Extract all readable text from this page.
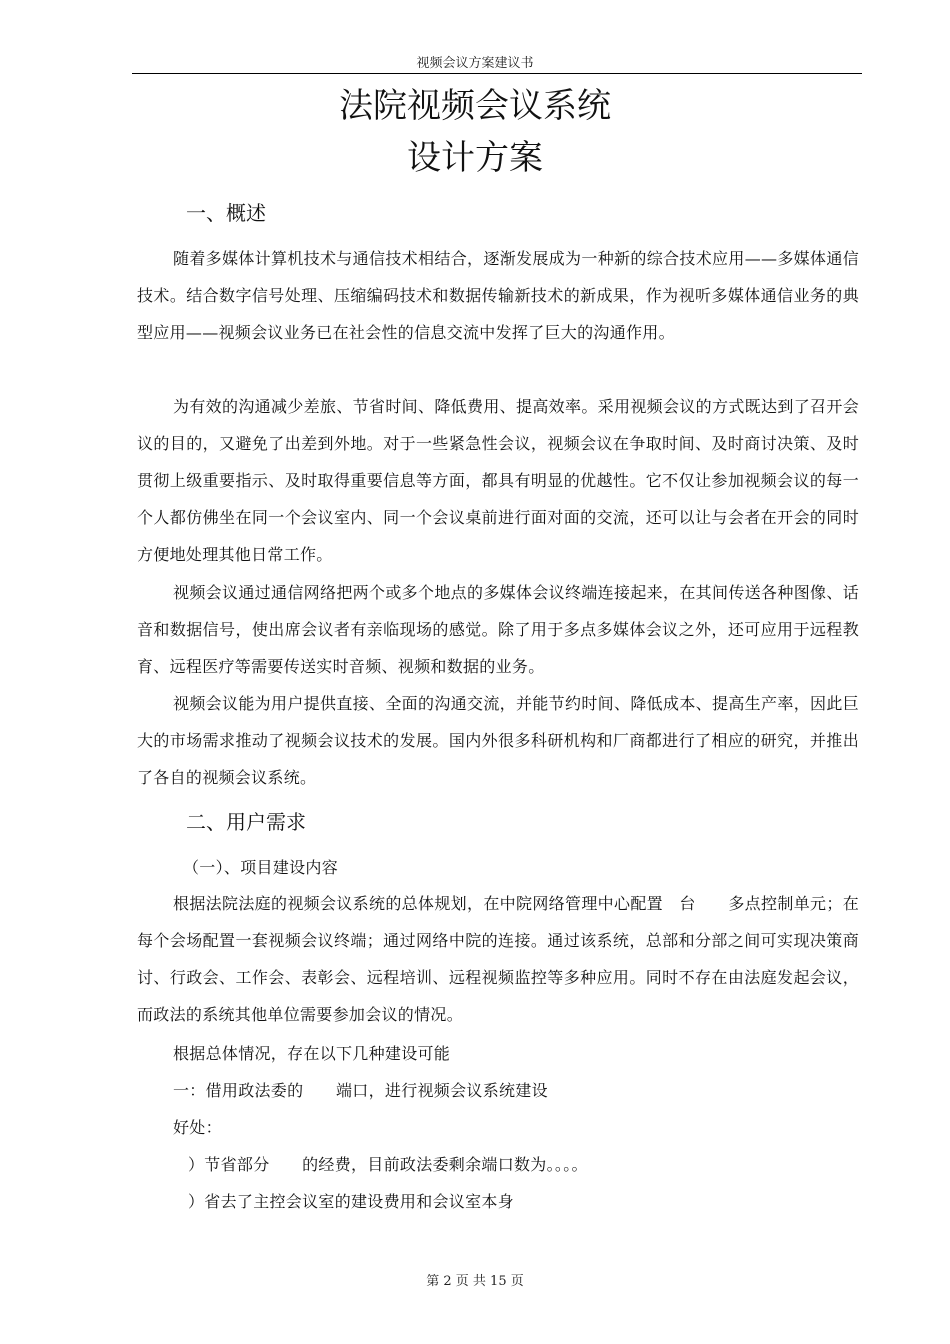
视频会议方案建议书
法院视频会议系统
设计方案
一、概述

随着多媒体计算机技术与通信技术相结合，逐渐发展成为一种新的综合技术应用——多媒体通信技术。结合数字信号处理、压缩编码技术和数据传输新技术的新成果，作为视听多媒体通信业务的典型应用——视频会议业务已在社会性的信息交流中发挥了巨大的沟通作用。

为有效的沟通减少差旅、节省时间、降低费用、提高效率。采用视频会议的方式既达到了召开会议的目的，又避免了出差到外地。对于一些紧急性会议，视频会议在争取时间、及时商讨决策、及时贯彻上级重要指示、及时取得重要信息等方面，都具有明显的优越性。它不仅让参加视频会议的每一个人都仿佛坐在同一个会议室内、同一个会议桌前进行面对面的交流，还可以让与会者在开会的同时方便地处理其他日常工作。

视频会议通过通信网络把两个或多个地点的多媒体会议终端连接起来，在其间传送各种图像、话音和数据信号，使出席会议者有亲临现场的感觉。除了用于多点多媒体会议之外，还可应用于远程教育、远程医疗等需要传送实时音频、视频和数据的业务。

视频会议能为用户提供直接、全面的沟通交流，并能节约时间、降低成本、提高生产率，因此巨大的市场需求推动了视频会议技术的发展。国内外很多科研机构和厂商都进行了相应的研究，并推出了各自的视频会议系统。

二、用户需求
（一）、项目建设内容

根据法院法庭的视频会议系统的总体规划，在中院网络管理中心配置　台　　多点控制单元；在每个会场配置一套视频会议终端；通过网络中院的连接。通过该系统，总部和分部之间可实现决策商讨、行政会、工作会、表彰会、远程培训、远程视频监控等多种应用。同时不存在由法庭发起会议，而政法的系统其他单位需要参加会议的情况。

根据总体情况，存在以下几种建设可能
一：借用政法委的　　端口，进行视频会议系统建设
好处：
）节省部分　　的经费，目前政法委剩余端口数为。。。。
）省去了主控会议室的建设费用和会议室本身
第 2 页 共 15 页
